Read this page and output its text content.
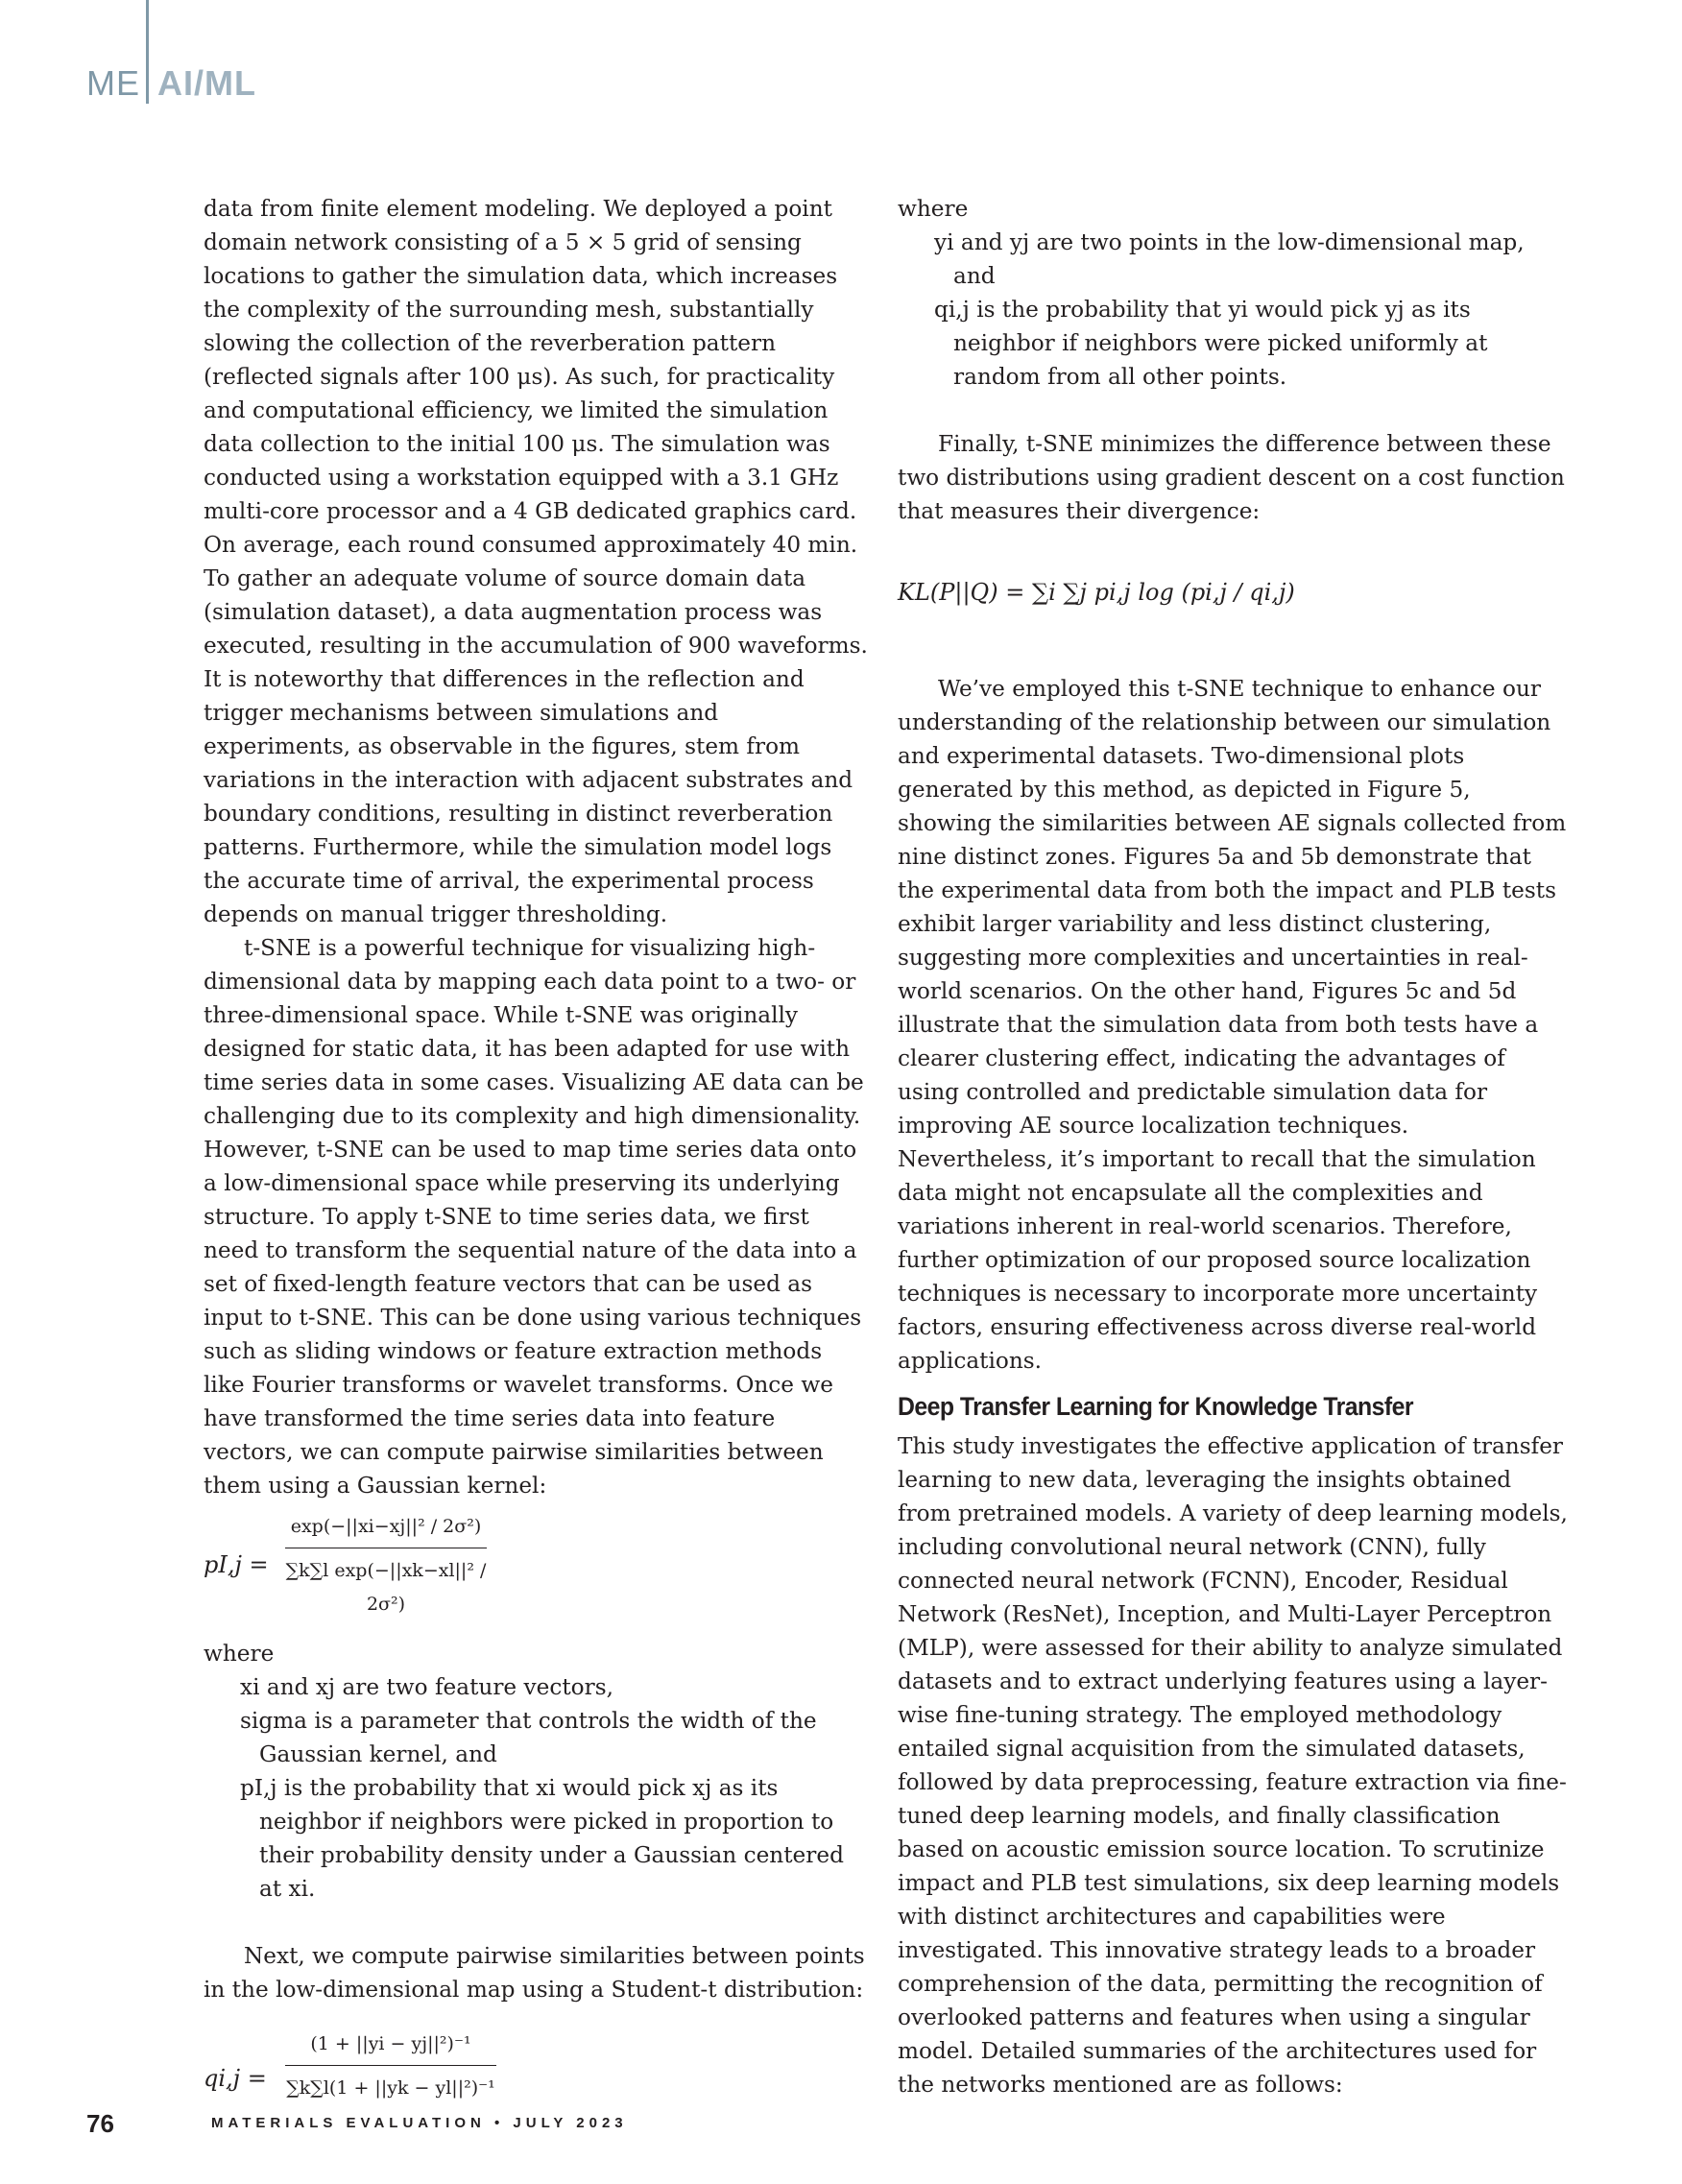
ME AI/ML

data from finite element modeling. We deployed a point domain network consisting of a 5 × 5 grid of sensing locations to gather the simulation data, which increases the complexity of the surrounding mesh, substantially slowing the collection of the reverberation pattern (reflected signals after 100 μs). As such, for practicality and computational efficiency, we limited the simulation data collection to the initial 100 μs. The simulation was conducted using a workstation equipped with a 3.1 GHz multi-core processor and a 4 GB dedicated graphics card. On average, each round consumed approximately 40 min. To gather an adequate volume of source domain data (simulation dataset), a data augmentation process was executed, resulting in the accumulation of 900 waveforms. It is noteworthy that differences in the reflection and trigger mechanisms between simulations and experiments, as observable in the figures, stem from variations in the interaction with adjacent substrates and boundary conditions, resulting in distinct reverberation patterns. Furthermore, while the simulation model logs the accurate time of arrival, the experimental process depends on manual trigger thresholding.

t-SNE is a powerful technique for visualizing high-dimensional data by mapping each data point to a two- or three-dimensional space. While t-SNE was originally designed for static data, it has been adapted for use with time series data in some cases. Visualizing AE data can be challenging due to its complexity and high dimensionality. However, t-SNE can be used to map time series data onto a low-dimensional space while preserving its underlying structure. To apply t-SNE to time series data, we first need to transform the sequential nature of the data into a set of fixed-length feature vectors that can be used as input to t-SNE. This can be done using various techniques such as sliding windows or feature extraction methods like Fourier transforms or wavelet transforms. Once we have transformed the time series data into feature vectors, we can compute pairwise similarities between them using a Gaussian kernel:

pI,j =
exp(−||xi−xj||² / 2σ²)
∑k∑l exp(−||xk−xl||² / 2σ²)

where

xi and xj are two feature vectors,

sigma is a parameter that controls the width of the Gaussian kernel, and

pI,j is the probability that xi would pick xj as its neighbor if neighbors were picked in proportion to their probability density under a Gaussian centered at xi.

Next, we compute pairwise similarities between points in the low-dimensional map using a Student-t distribution:

qi,j =
(1 + ||yi − yj||²)⁻¹
∑k∑l(1 + ||yk − yl||²)⁻¹

where

yi and yj are two points in the low-dimensional map, and

qi,j is the probability that yi would pick yj as its neighbor if neighbors were picked uniformly at random from all other points.

Finally, t-SNE minimizes the difference between these two distributions using gradient descent on a cost function that measures their divergence:

KL(P||Q) = ∑i ∑j pi,j log (pi,j / qi,j)

We’ve employed this t-SNE technique to enhance our understanding of the relationship between our simulation and experimental datasets. Two-dimensional plots generated by this method, as depicted in Figure 5, showing the similarities between AE signals collected from nine distinct zones. Figures 5a and 5b demonstrate that the experimental data from both the impact and PLB tests exhibit larger variability and less distinct clustering, suggesting more complexities and uncertainties in real-world scenarios. On the other hand, Figures 5c and 5d illustrate that the simulation data from both tests have a clearer clustering effect, indicating the advantages of using controlled and predictable simulation data for improving AE source localization techniques. Nevertheless, it’s important to recall that the simulation data might not encapsulate all the complexities and variations inherent in real-world scenarios. Therefore, further optimization of our proposed source localization techniques is necessary to incorporate more uncertainty factors, ensuring effectiveness across diverse real-world applications.

Deep Transfer Learning for Knowledge Transfer

This study investigates the effective application of transfer learning to new data, leveraging the insights obtained from pretrained models. A variety of deep learning models, including convolutional neural network (CNN), fully connected neural network (FCNN), Encoder, Residual Network (ResNet), Inception, and Multi-Layer Perceptron (MLP), were assessed for their ability to analyze simulated datasets and to extract underlying features using a layer-wise fine-tuning strategy. The employed methodology entailed signal acquisition from the simulated datasets, followed by data preprocessing, feature extraction via fine-tuned deep learning models, and finally classification based on acoustic emission source location. To scrutinize impact and PLB test simulations, six deep learning models with distinct architectures and capabilities were investigated. This innovative strategy leads to a broader comprehension of the data, permitting the recognition of overlooked patterns and features when using a singular model. Detailed summaries of the architectures used for the networks mentioned are as follows:

76	MATERIALS EVALUATION • JULY 2023
